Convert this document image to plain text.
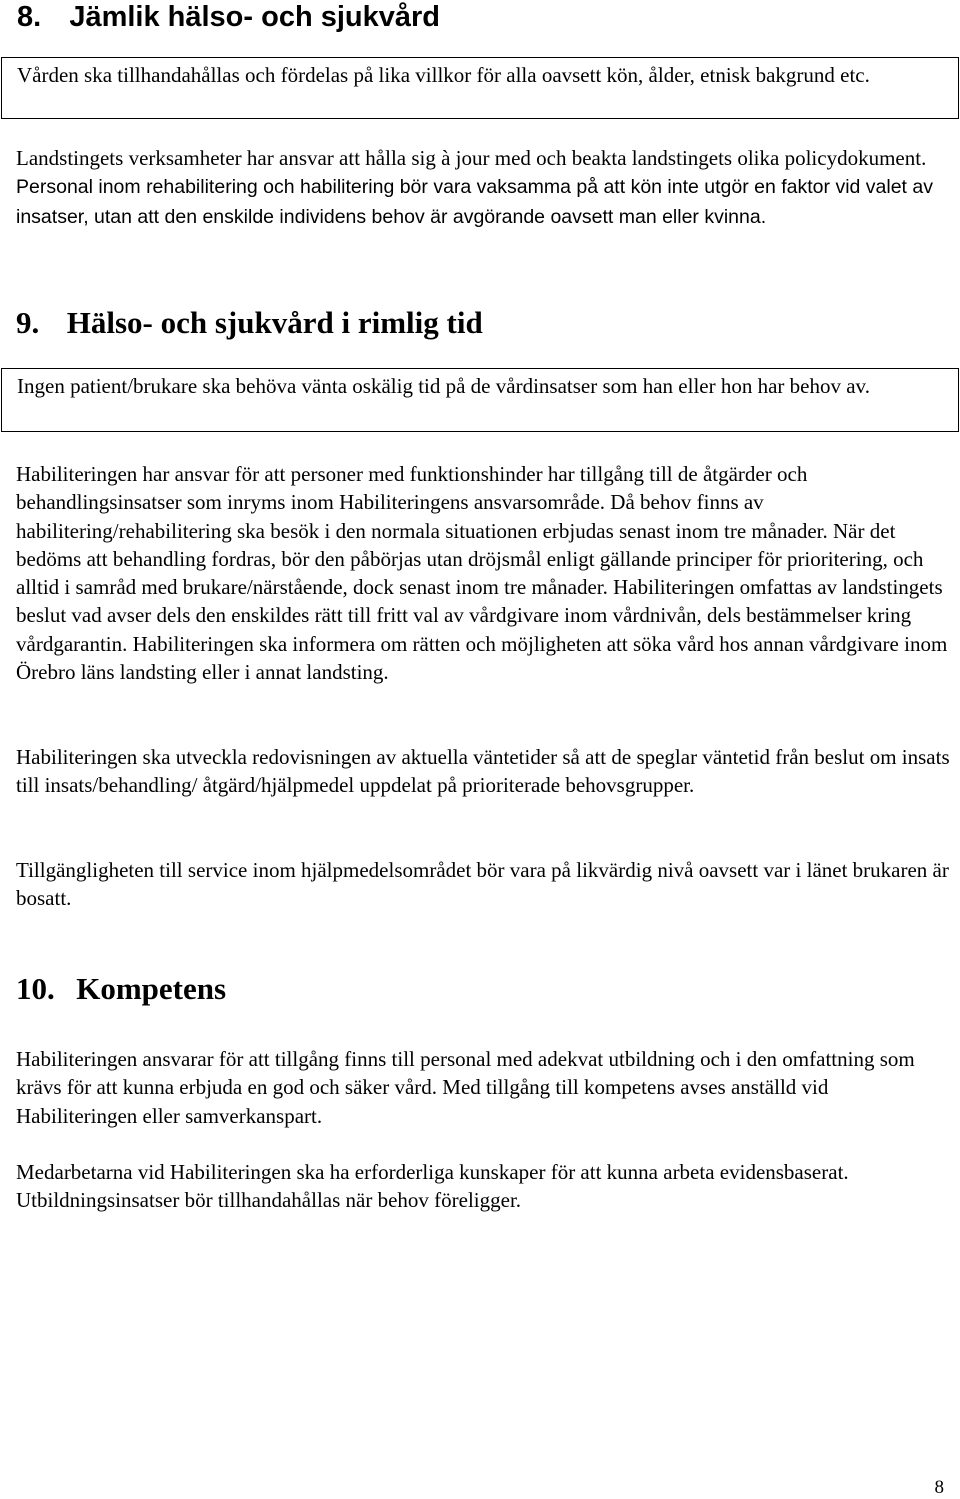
8. Jämlik hälso- och sjukvård
Vården ska tillhandahållas och fördelas på lika villkor för alla oavsett kön, ålder, etnisk bakgrund etc.

Landstingets verksamheter har ansvar att hålla sig à jour med och beakta landstingets olika policydokument. Personal inom rehabilitering och habilitering bör vara vaksamma på att kön inte utgör en faktor vid valet av insatser, utan att den enskilde individens behov är avgörande oavsett man eller kvinna.

9. Hälso- och sjukvård i rimlig tid
Ingen patient/brukare ska behöva vänta oskälig tid på de vårdinsatser som han eller hon har behov av.

Habiliteringen har ansvar för att personer med funktionshinder har tillgång till de åtgärder och behandlingsinsatser som inryms inom Habiliteringens ansvarsområde. Då behov finns av habilitering/rehabilitering ska besök i den normala situationen erbjudas senast inom tre månader. När det bedöms att behandling fordras, bör den påbörjas utan dröjsmål enligt gällande principer för prioritering, och alltid i samråd med brukare/närstående, dock senast inom tre månader. Habiliteringen omfattas av landstingets beslut vad avser dels den enskildes rätt till fritt val av vårdgivare inom vårdnivån, dels bestämmelser kring vårdgarantin. Habiliteringen ska informera om rätten och möjligheten att söka vård hos annan vårdgivare inom Örebro läns landsting eller i annat landsting.

Habiliteringen ska utveckla redovisningen av aktuella väntetider så att de speglar väntetid från beslut om insats till insats/behandling/ åtgärd/hjälpmedel uppdelat på prioriterade behovsgrupper.

Tillgängligheten till service inom hjälpmedelsområdet bör vara på likvärdig nivå oavsett var i länet brukaren är bosatt.

10. Kompetens

Habiliteringen ansvarar för att tillgång finns till personal med adekvat utbildning och i den omfattning som krävs för att kunna erbjuda en god och säker vård. Med tillgång till kompetens avses anställd vid Habiliteringen eller samverkanspart.

Medarbetarna vid Habiliteringen ska ha erforderliga kunskaper för att kunna arbeta evidensbaserat. Utbildningsinsatser bör tillhandahållas när behov föreligger.

8
